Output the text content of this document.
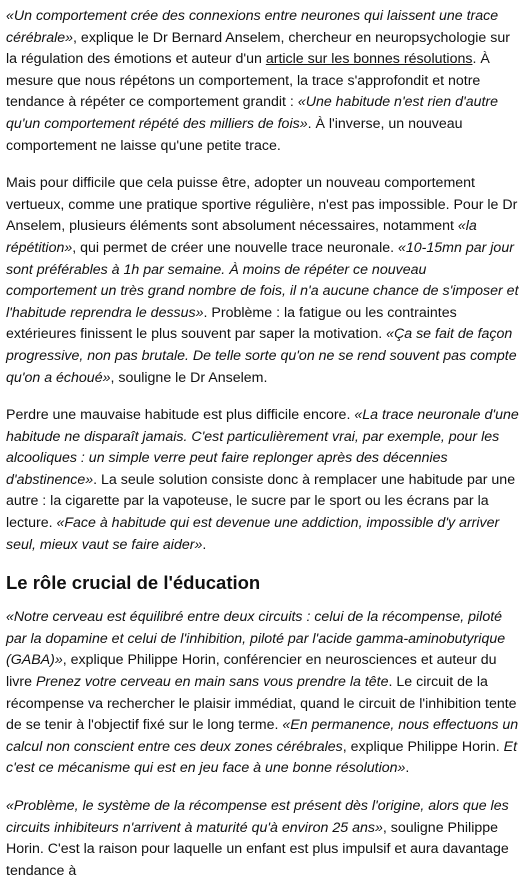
«Un comportement crée des connexions entre neurones qui laissent une trace cérébrale», explique le Dr Bernard Anselem, chercheur en neuropsychologie sur la régulation des émotions et auteur d'un article sur les bonnes résolutions. À mesure que nous répétons un comportement, la trace s'approfondit et notre tendance à répéter ce comportement grandit : «Une habitude n'est rien d'autre qu'un comportement répété des milliers de fois». À l'inverse, un nouveau comportement ne laisse qu'une petite trace.

Mais pour difficile que cela puisse être, adopter un nouveau comportement vertueux, comme une pratique sportive régulière, n'est pas impossible. Pour le Dr Anselem, plusieurs éléments sont absolument nécessaires, notamment «la répétition», qui permet de créer une nouvelle trace neuronale. «10-15mn par jour sont préférables à 1h par semaine. À moins de répéter ce nouveau comportement un très grand nombre de fois, il n'a aucune chance de s'imposer et l'habitude reprendra le dessus». Problème : la fatigue ou les contraintes extérieures finissent le plus souvent par saper la motivation. «Ça se fait de façon progressive, non pas brutale. De telle sorte qu'on ne se rend souvent pas compte qu'on a échoué», souligne le Dr Anselem.

Perdre une mauvaise habitude est plus difficile encore. «La trace neuronale d'une habitude ne disparaît jamais. C'est particulièrement vrai, par exemple, pour les alcooliques : un simple verre peut faire replonger après des décennies d'abstinence». La seule solution consiste donc à remplacer une habitude par une autre : la cigarette par la vapoteuse, le sucre par le sport ou les écrans par la lecture. «Face à habitude qui est devenue une addiction, impossible d'y arriver seul, mieux vaut se faire aider».

Le rôle crucial de l'éducation

«Notre cerveau est équilibré entre deux circuits : celui de la récompense, piloté par la dopamine et celui de l'inhibition, piloté par l'acide gamma-aminobutyrique (GABA)», explique Philippe Horin, conférencier en neurosciences et auteur du livre Prenez votre cerveau en main sans vous prendre la tête. Le circuit de la récompense va rechercher le plaisir immédiat, quand le circuit de l'inhibition tente de se tenir à l'objectif fixé sur le long terme. «En permanence, nous effectuons un calcul non conscient entre ces deux zones cérébrales, explique Philippe Horin. Et c'est ce mécanisme qui est en jeu face à une bonne résolution».

«Problème, le système de la récompense est présent dès l'origine, alors que les circuits inhibiteurs n'arrivent à maturité qu'à environ 25 ans», souligne Philippe Horin. C'est la raison pour laquelle un enfant est plus impulsif et aura davantage tendance à
